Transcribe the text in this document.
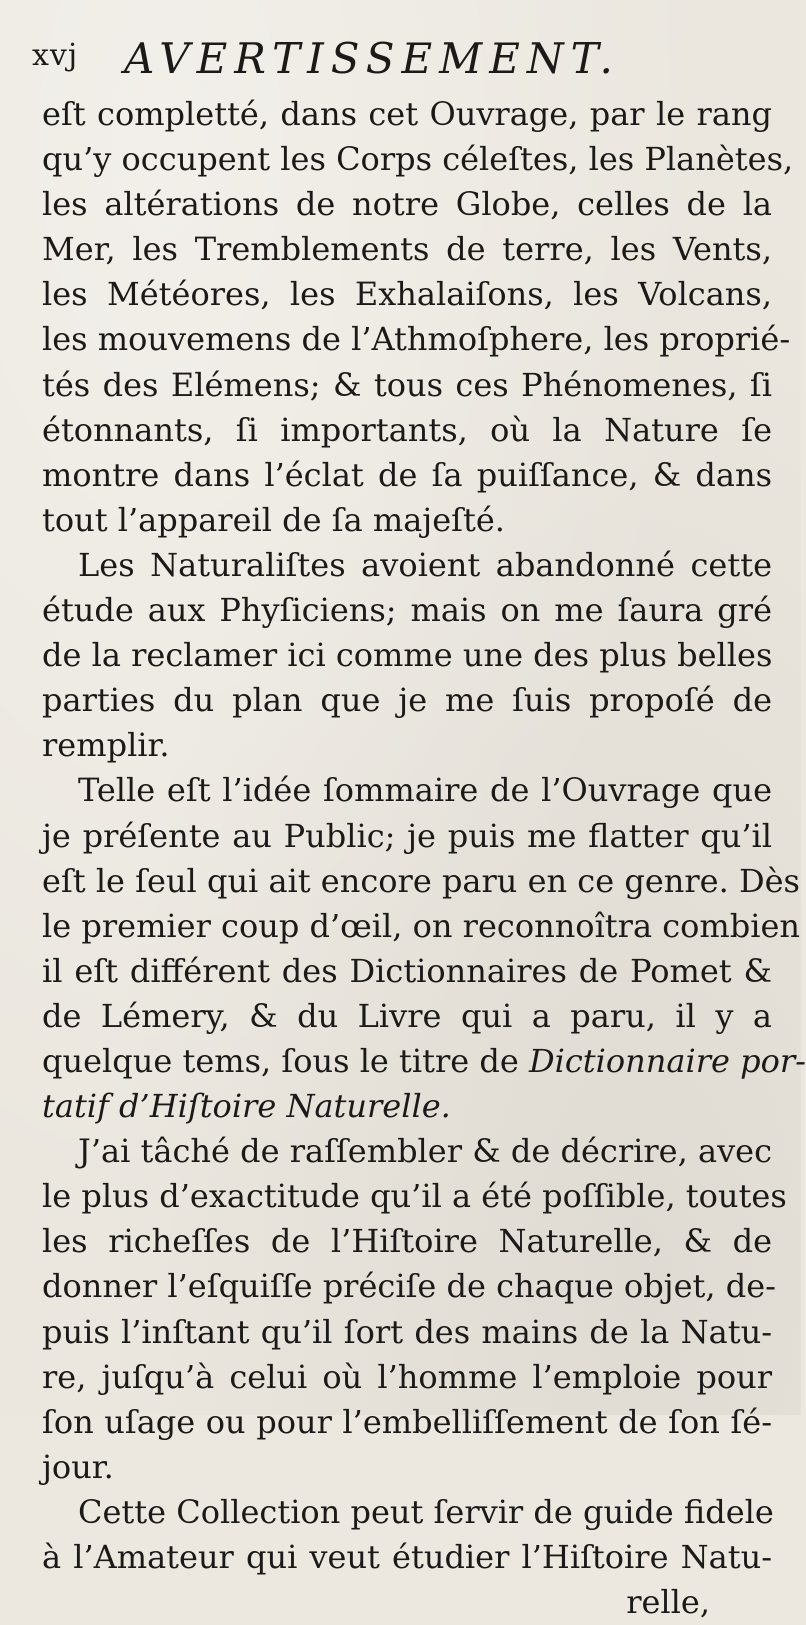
xvj AVERTISSEMENT.
eſt completté, dans cet Ouvrage, par le rang
qu’y occupent les Corps céleſtes, les Planètes,
les altérations de notre Globe, celles de la
Mer, les Tremblements de terre, les Vents,
les Météores, les Exhalaiſons, les Volcans,
les mouvemens de l’Athmoſphere, les proprié-
tés des Elémens; & tous ces Phénomenes, ſi
étonnants, ſi importants, où la Nature ſe
montre dans l’éclat de ſa puiſſance, & dans
tout l’appareil de ſa majeſté.
Les Naturaliſtes avoient abandonné cette
étude aux Phyſiciens; mais on me ſaura gré
de la reclamer ici comme une des plus belles
parties du plan que je me ſuis propoſé de
remplir.
Telle eſt l’idée ſommaire de l’Ouvrage que
je préſente au Public; je puis me flatter qu’il
eſt le ſeul qui ait encore paru en ce genre. Dès
le premier coup d’œil, on reconnoîtra combien
il eſt différent des Dictionnaires de Pomet &
de Lémery, & du Livre qui a paru, il y a
quelque tems, ſous le titre de Dictionnaire por-
tatif d’Hiſtoire Naturelle.
J’ai tâché de raſſembler & de décrire, avec
le plus d’exactitude qu’il a été poſſible, toutes
les richeſſes de l’Hiſtoire Naturelle, & de
donner l’eſquiſſe préciſe de chaque objet, de-
puis l’inſtant qu’il ſort des mains de la Natu-
re, juſqu’à celui où l’homme l’emploie pour
ſon uſage ou pour l’embelliſſement de ſon ſé-
jour.
Cette Collection peut ſervir de guide fidele
à l’Amateur qui veut étudier l’Hiſtoire Natu-
relle,
